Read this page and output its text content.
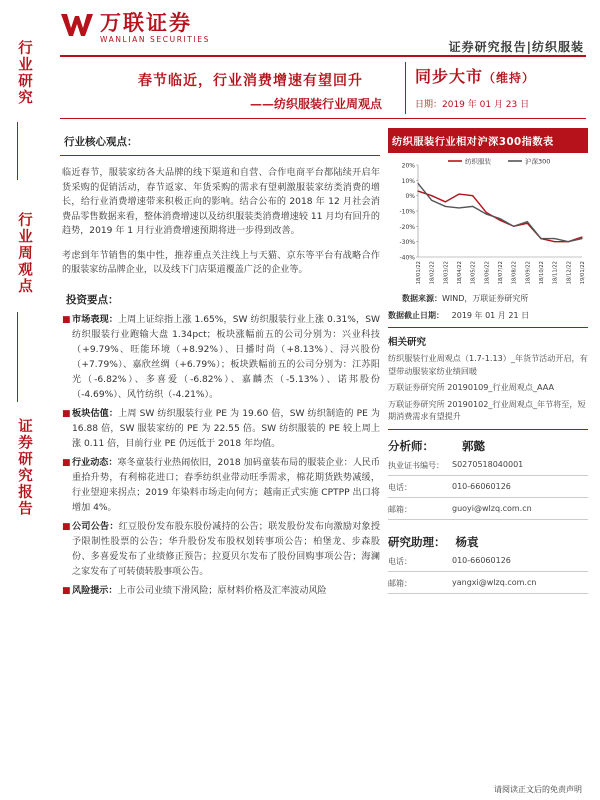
万联证券
WANLIAN SECURITIES
证券研究报告|纺织服装
行业研究
行业周观点
证券研究报告
春节临近，行业消费增速有望回升
——纺织服装行业周观点
同步大市（维持）
日期：2019 年 01 月 23 日
行业核心观点：

临近春节，服装家纺各大品牌的线下渠道和自营、合作电商平台都陆续开启年货采购的促销活动，春节返家、年货采购的需求有望刺激服装家纺类消费的增长，给行业消费增速带来积极正向的影响。结合公布的 2018 年 12 月社会消费品零售数据来看，整体消费增速以及纺织服装类消费增速较 11 月均有回升的趋势，2019 年 1 月行业消费增速预期将进一步得到改善。

考虑到年节销售的集中性，推荐重点关注线上与天猫、京东等平台有战略合作的服装家纺品牌企业，以及线下门店渠道覆盖广泛的企业等。

投资要点：
■ 市场表现：上周上证综指上涨 1.65%，SW 纺织服装行业上涨 0.31%，SW 纺织服装行业跑输大盘 1.34pct；板块涨幅前五的公司分别为：兴业科技（+9.79%、旺能环境（+8.92%）、日播时尚（+8.13%）、浔兴股份（+7.79%）、嘉欣丝绸（+6.79%）；板块跌幅前五的公司分别为：江苏阳光（-6.82%）、多喜爱（-6.82%）、嘉麟杰（-5.13%）、诺邦股份（-4.69%）、风竹纺织（-4.21%）。
■ 板块估值：上周 SW 纺织服装行业 PE 为 19.60 倍，SW 纺织制造的 PE 为 16.88 倍，SW 服装家纺的 PE 为 22.55 倍。SW 纺织服装的 PE 较上周上涨 0.11 倍，目前行业 PE 仍远低于 2018 年均值。
■ 行业动态：寒冬童装行业热闹依旧，2018 加码童装布局的服装企业：人民币重拾升势，有利棉花进口；春季纺织业带动旺季需求，棉花期货跌势减缓，行业望迎来拐点；2019 年染料市场走向何方；越南正式实施 CPTPP 出口将增加 4%。
■ 公司公告：红豆股份发布股东股份减持的公告；联发股份发布向激励对象授予限制性股票的公告；华升股份发布股权划转事项公告；柏堡龙、步森股份、多喜爱发布了业绩修正预告；拉夏贝尔发布了股份回购事项公告；海澜之家发布了可转债转股事项公告。
■ 风险提示：上市公司业绩下滑风险；原材料价格及汇率波动风险
纺织服装行业相对沪深300指数表
20%
10%
0%
-10%
-20%
-30%
-40%
18/01/22 18/02/22 18/03/22 18/04/22 18/05/22 18/06/22 18/07/22 18/08/22 18/09/22 18/10/22 18/11/22 18/12/22 19/01/22
纺织服装	沪深300
数据来源：WIND，万联证券研究所
数据截止日期： 2019 年 01 月 21 日
相关研究
纺织服装行业周观点（1.7-1.13）_年货节活动开启，有望带动服装家纺业绩回暖
万联证券研究所 20190109_行业周观点_AAA
万联证券研究所 20190102_行业周观点_年节将至，短期消费需求有望提升
分析师： 郭懿
执业证书编号：	S0270518040001
电话：	010-66060126
邮箱：	guoyi@wlzq.com.cn
研究助理： 杨袁
电话：	010-66060126
邮箱：	yangxi@wlzq.com.cn
请阅读正文后的免责声明
